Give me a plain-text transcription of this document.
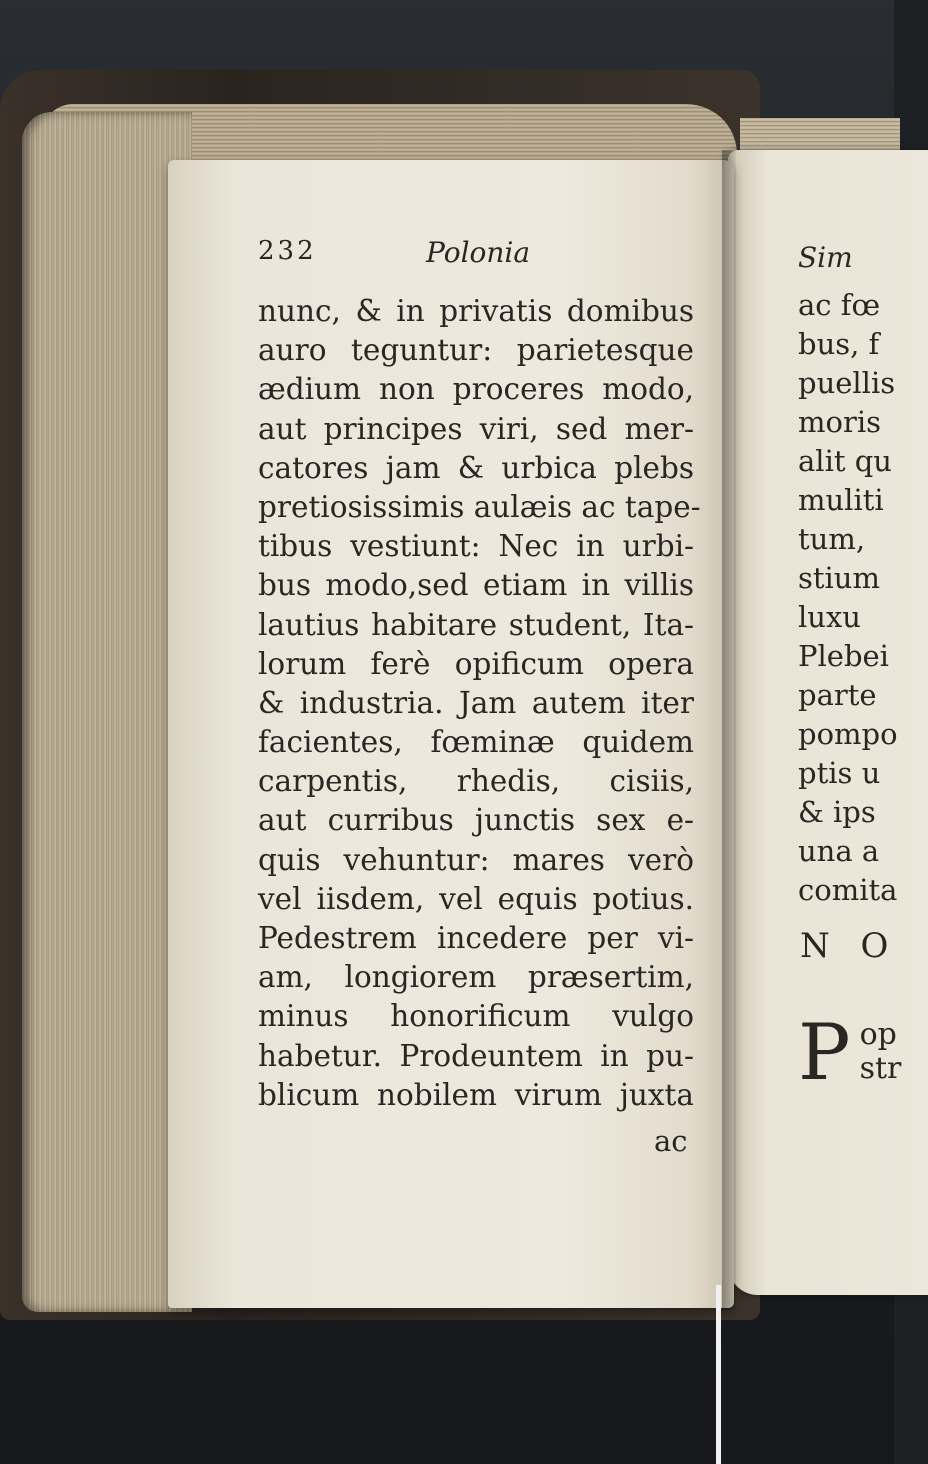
232	Polonia
nunc, & in privatis domibus
auro teguntur: parietesque
ædium non proceres modo,
aut principes viri, sed mer-
catores jam & urbica plebs
pretiosissimis aulæis ac tape-
tibus vestiunt: Nec in urbi-
bus modo,sed etiam in villis
lautius habitare student, Ita-
lorum ferè opificum opera
& industria. Jam autem iter
facientes, fœminæ quidem
carpentis, rhedis, cisiis,
aut curribus junctis sex e-
quis vehuntur: mares verò
vel iisdem, vel equis potius.
Pedestrem incedere per vi-
am, longiorem præsertim,
minus honorificum vulgo
habetur. Prodeuntem in pu-
blicum nobilem virum juxta
ac
Sim
ac fœ
bus, f
puellis
moris
alit qu
muliti
tum,
stium
luxu
Plebei
parte
pompo
ptis u
& ips
una a
comita
N O
P op
str
